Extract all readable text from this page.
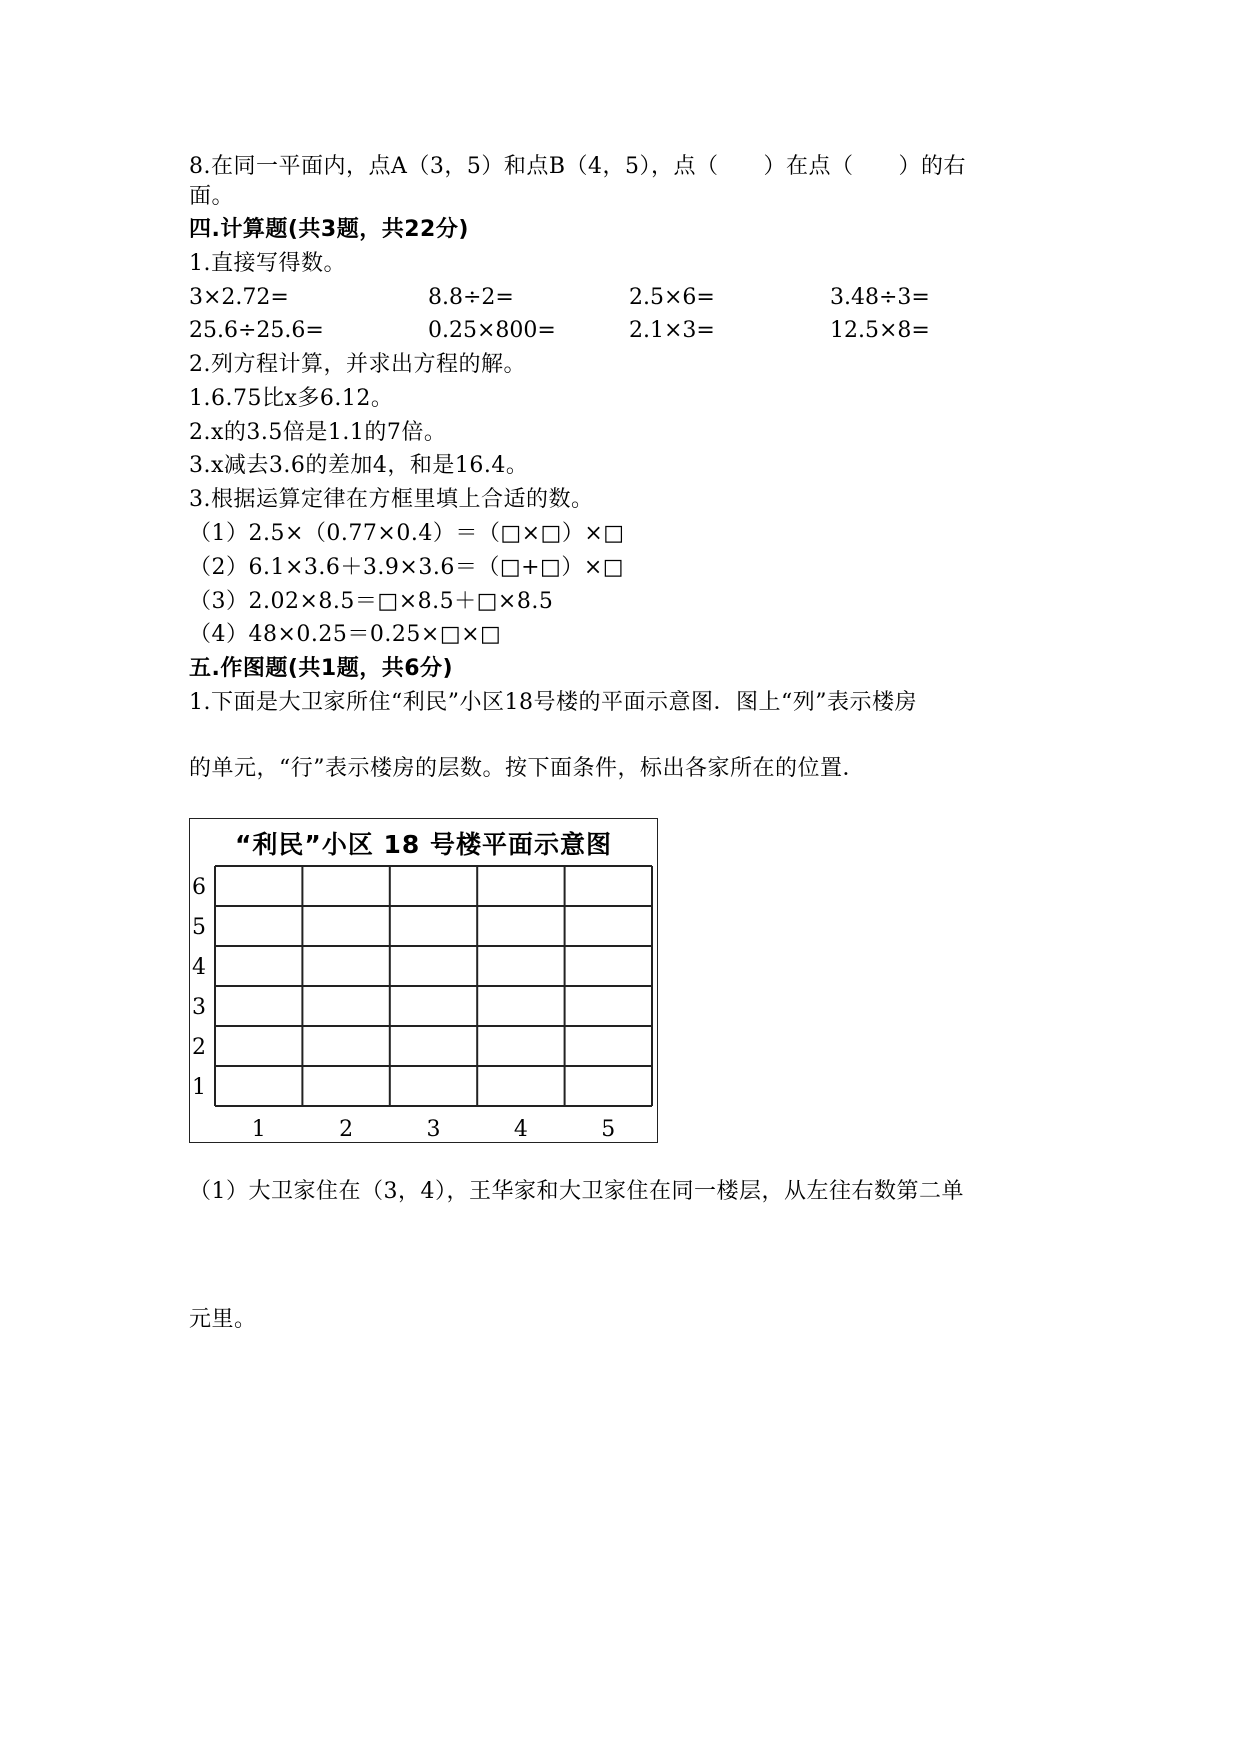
8.在同一平面内，点A（3，5）和点B（4，5），点（　　）在点（　　）的右
面。
四.计算题(共3题，共22分)
1.直接写得数。
3×2.72=	8.8÷2=	2.5×6=	3.48÷3=
25.6÷25.6=	0.25×800=	2.1×3=	12.5×8=
2.列方程计算，并求出方程的解。
1.6.75比x多6.12。
2.x的3.5倍是1.1的7倍。
3.x减去3.6的差加4，和是16.4。
3.根据运算定律在方框里填上合适的数。
（1）2.5×（0.77×0.4）＝（□×□）×□
（2）6.1×3.6＋3.9×3.6＝（□+□）×□
（3）2.02×8.5＝□×8.5＋□×8.5
（4）48×0.25＝0.25×□×□
五.作图题(共1题，共6分)
1.下面是大卫家所住“利民”小区18号楼的平面示意图．图上“列”表示楼房
的单元，“行”表示楼房的层数。按下面条件，标出各家所在的位置．
“利民”小区 18 号楼平面示意图
6
5
4
3
2
1
1	2	3	4	5
（1）大卫家住在（3，4），王华家和大卫家住在同一楼层，从左往右数第二单
元里。
